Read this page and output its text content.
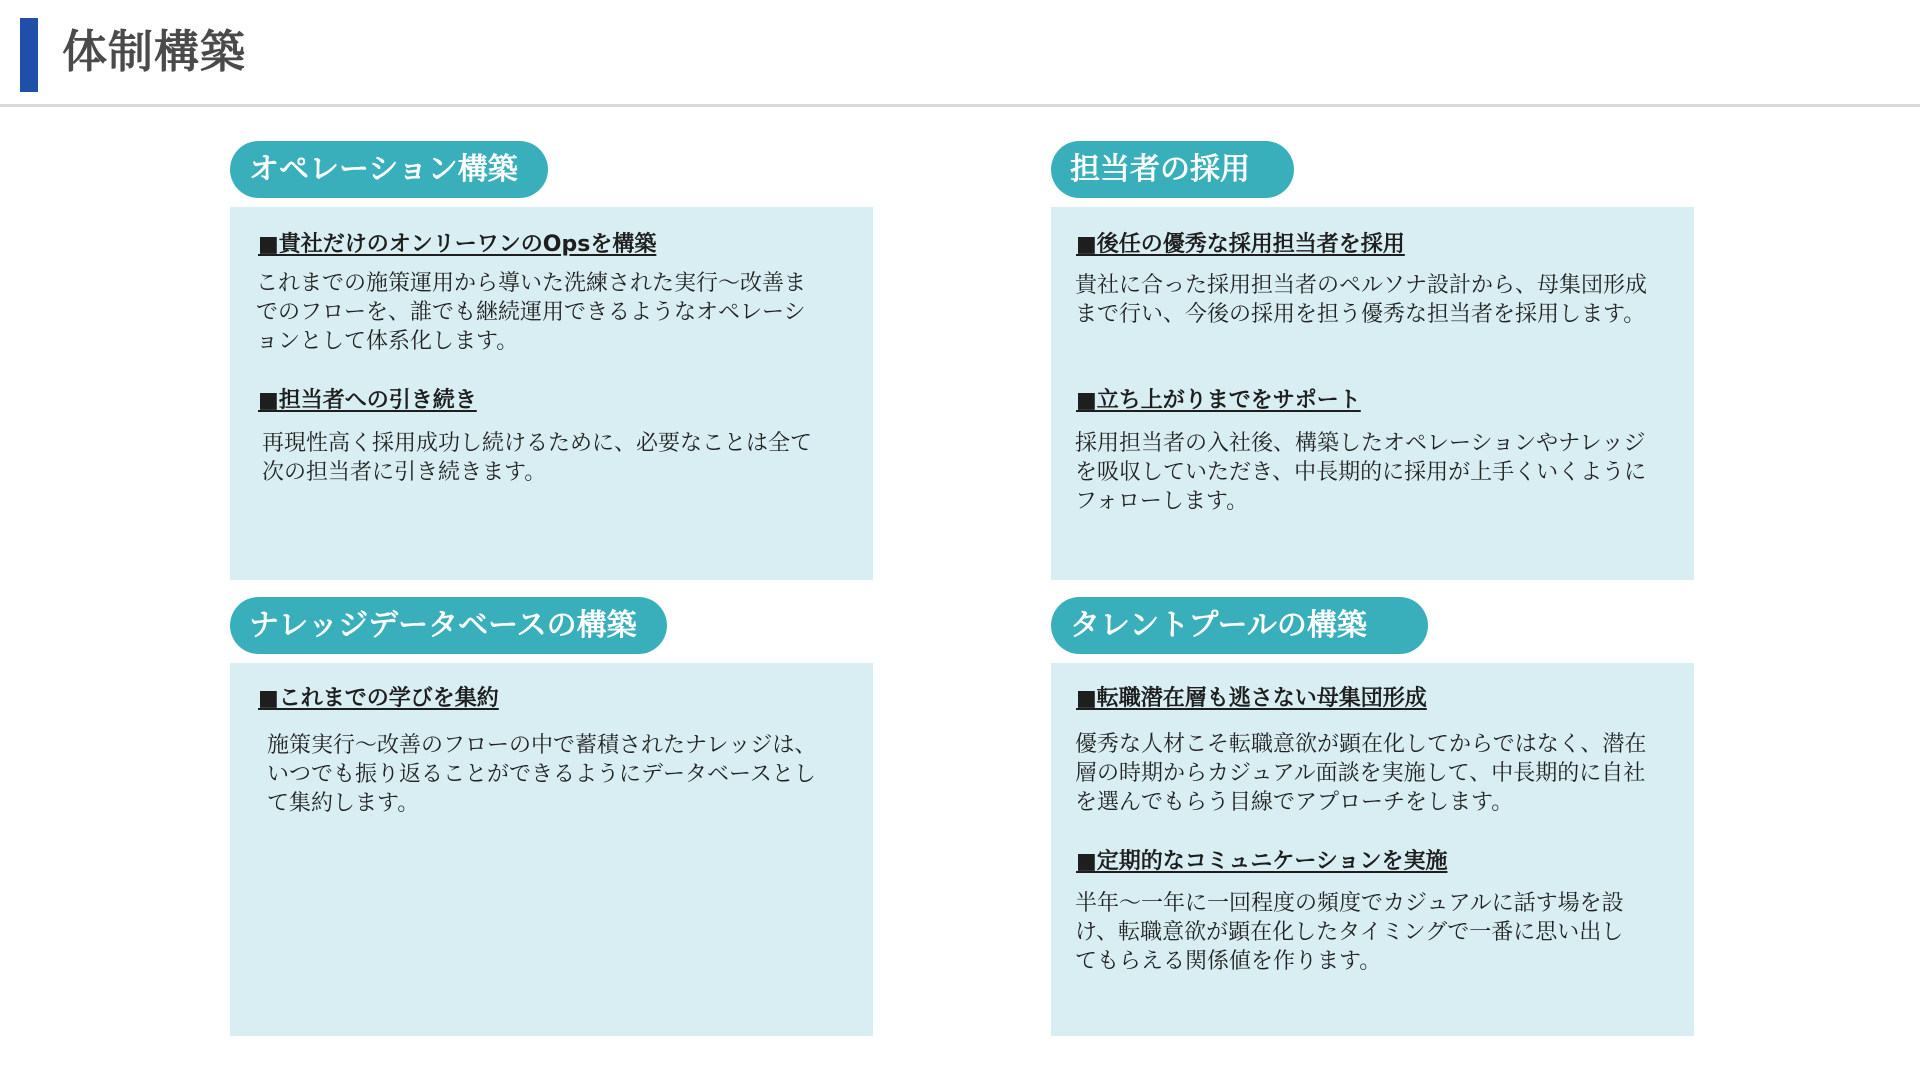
体制構築
オペレーション構築
■貴社だけのオンリーワンのOpsを構築
これまでの施策運用から導いた洗練された実行～改善までのフローを、誰でも継続運用できるようなオペレーションとして体系化します。
■担当者への引き続き
再現性高く採用成功し続けるために、必要なことは全て次の担当者に引き続きます。
担当者の採用
■後任の優秀な採用担当者を採用
貴社に合った採用担当者のペルソナ設計から、母集団形成まで行い、今後の採用を担う優秀な担当者を採用します。
■立ち上がりまでをサポート
採用担当者の入社後、構築したオペレーションやナレッジを吸収していただき、中長期的に採用が上手くいくようにフォローします。
ナレッジデータベースの構築
■これまでの学びを集約
施策実行～改善のフローの中で蓄積されたナレッジは、いつでも振り返ることができるようにデータベースとして集約します。
タレントプールの構築
■転職潜在層も逃さない母集団形成
優秀な人材こそ転職意欲が顕在化してからではなく、潜在層の時期からカジュアル面談を実施して、中長期的に自社を選んでもらう目線でアプローチをします。
■定期的なコミュニケーションを実施
半年～一年に一回程度の頻度でカジュアルに話す場を設け、転職意欲が顕在化したタイミングで一番に思い出してもらえる関係値を作ります。
